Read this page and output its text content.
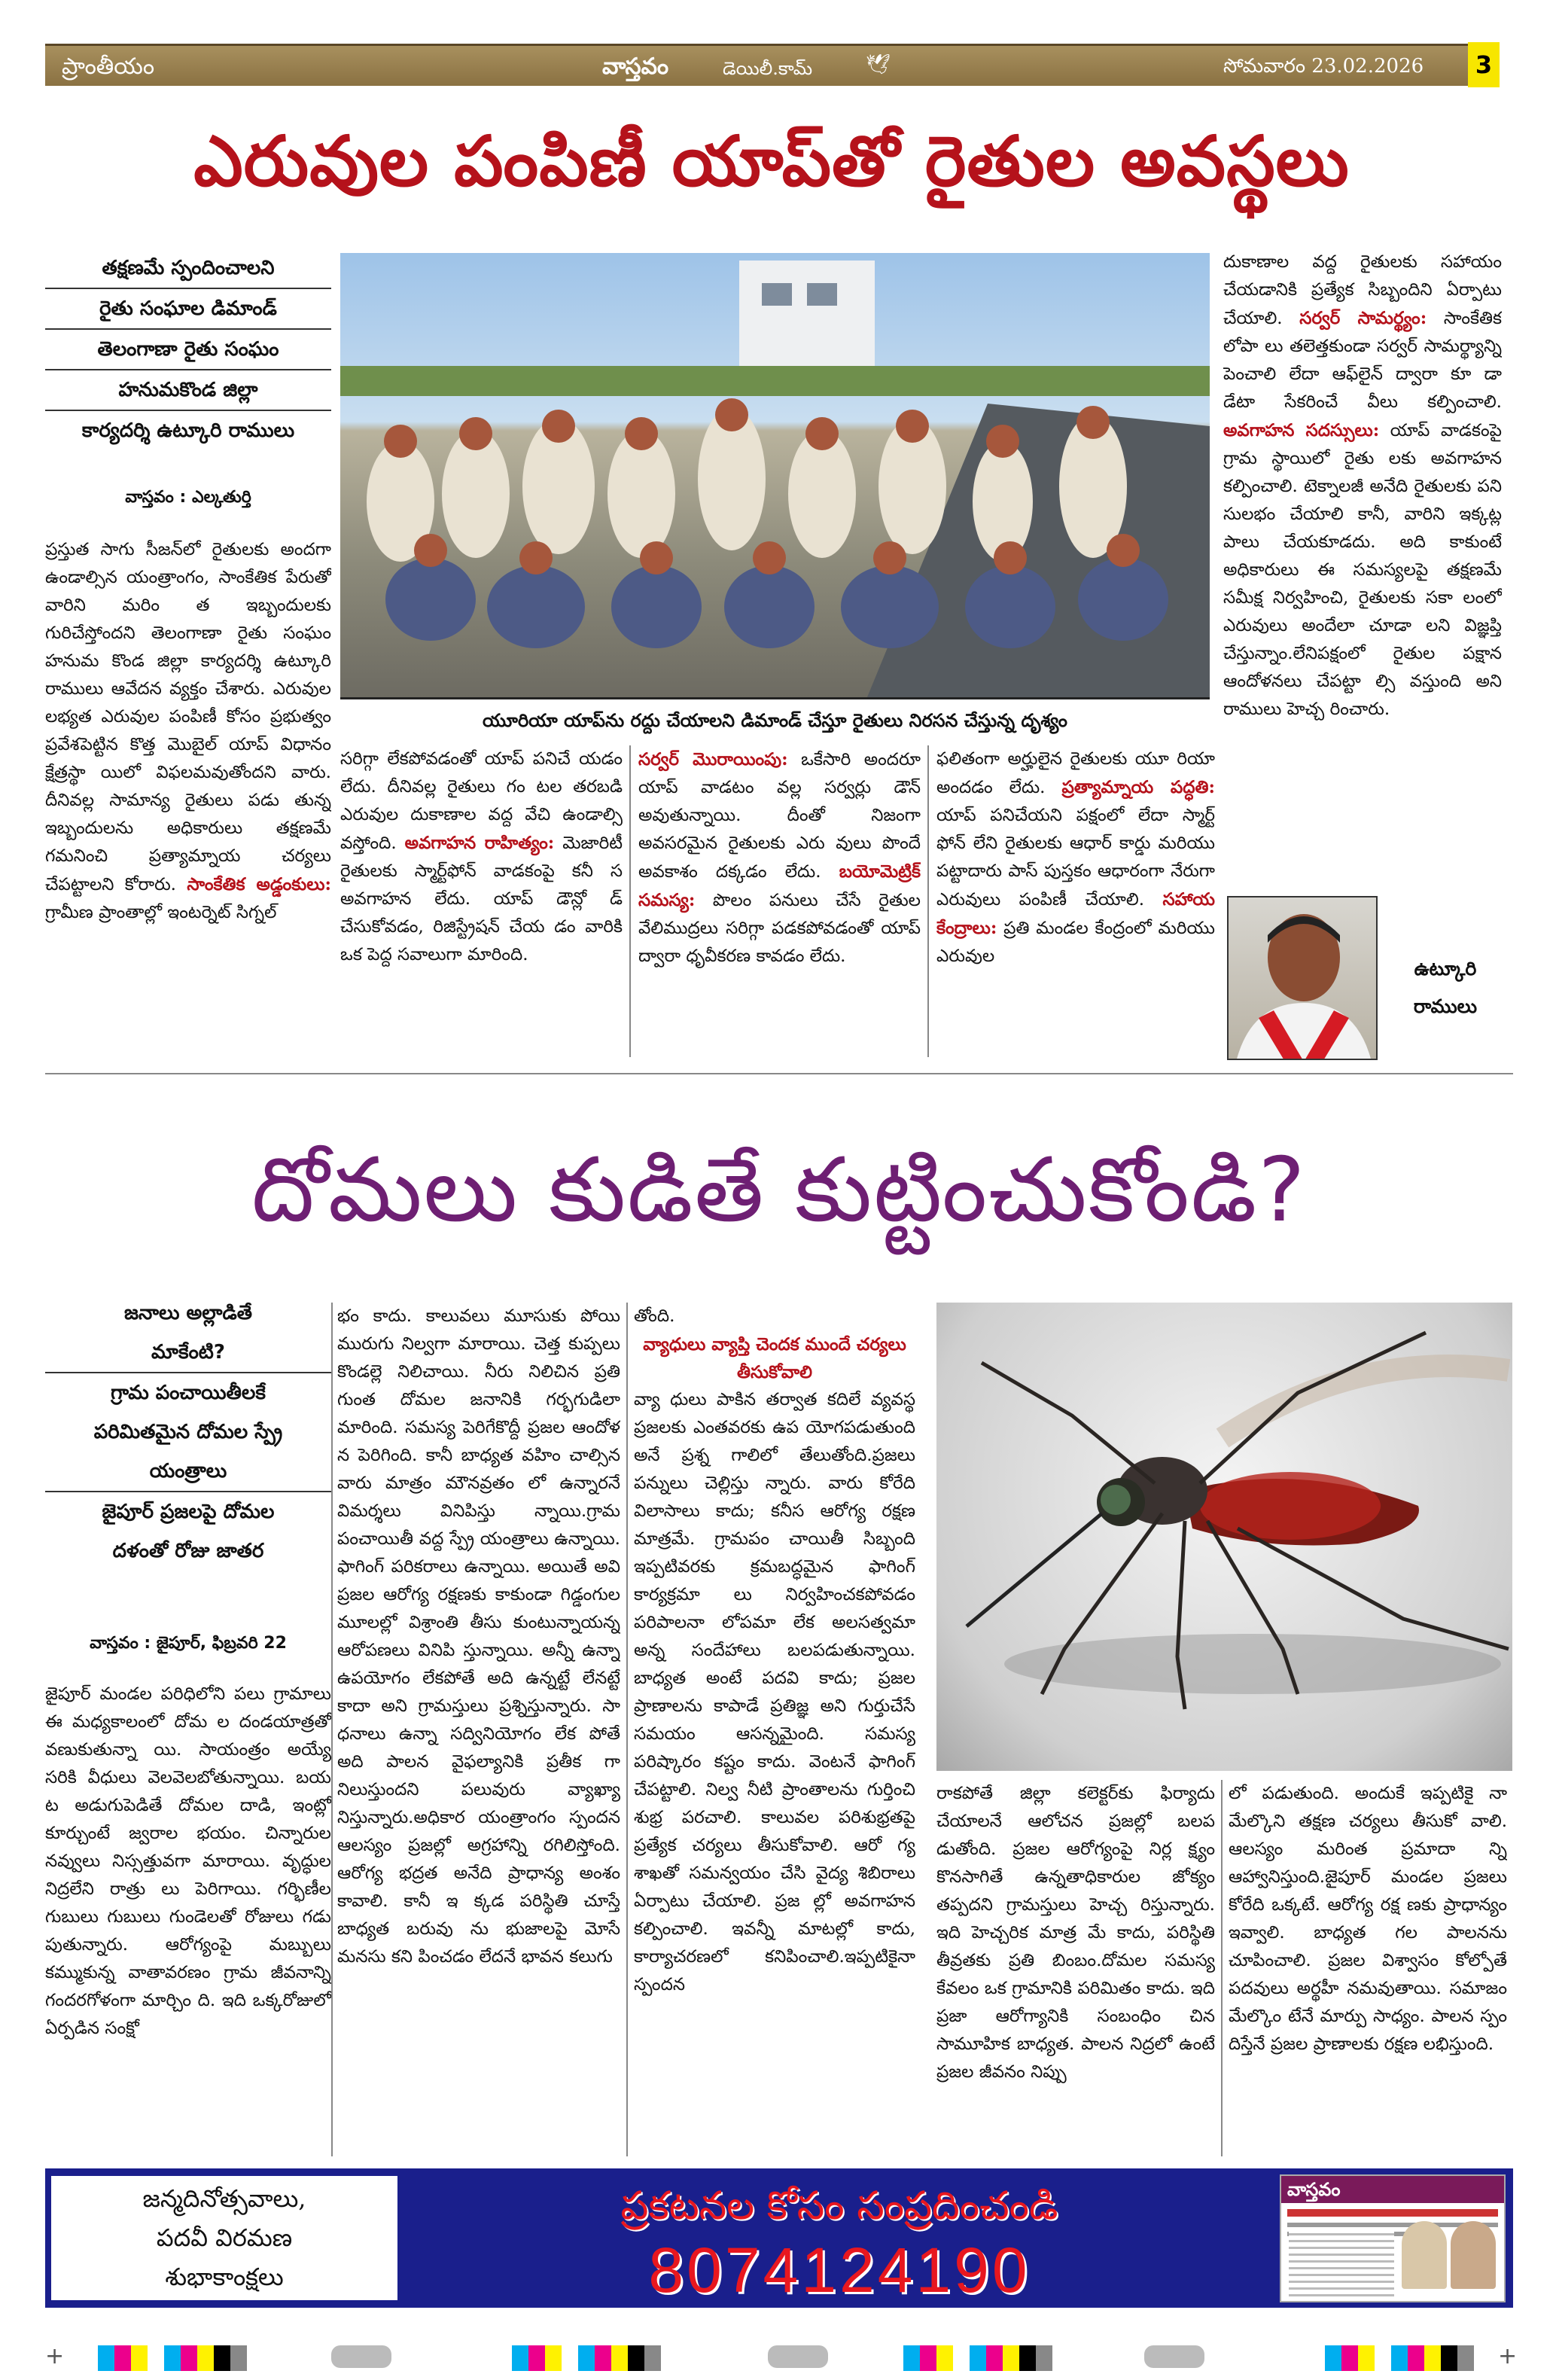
ప్రాంతీయం	వాస్తవం	డెయిలీ.కామ్	🕊	సోమవారం 23.02.2026	3
ఎరువుల పంపిణీ యాప్‌తో రైతుల అవస్థలు
తక్షణమే స్పందించాలని
రైతు సంఘాల డిమాండ్
తెలంగాణా రైతు సంఘం
హనుమకొండ జిల్లా
కార్యదర్శి ఉట్కూరి రాములు
వాస్తవం : ఎల్కతుర్తి

ప్రస్తుత సాగు సీజన్‌లో రైతులకు అందగా ఉండాల్సిన యంత్రాంగం, సాంకేతిక పేరుతో వారిని మరిం త ఇబ్బందులకు గురిచేస్తోందని తెలంగాణా రైతు సంఘం హనుమ కొండ జిల్లా కార్యదర్శి ఉట్కూరి రాములు ఆవేదన వ్యక్తం చేశారు. ఎరువుల లభ్యత ఎరువుల పంపిణీ కోసం ప్రభుత్వం ప్రవేశపెట్టిన కొత్త మొబైల్ యాప్ విధానం క్షేత్రస్థా యిలో విఫలమవుతోందని వారు. దీనివల్ల సామాన్య రైతులు పడు తున్న ఇబ్బందులను అధికారులు తక్షణమే గమనించి ప్రత్యామ్నాయ చర్యలు చేపట్టాలని కోరారు. సాంకేతిక అడ్డంకులు: గ్రామీణ ప్రాంతాల్లో ఇంటర్నెట్ సిగ్నల్

యూరియా యాప్‌ను రద్దు చేయాలని డిమాండ్ చేస్తూ రైతులు నిరసన చేస్తున్న దృశ్యం

సరిగ్గా లేకపోవడంతో యాప్ పనిచే యడం లేదు. దీనివల్ల రైతులు గం టల తరబడి ఎరువుల దుకాణాల వద్ద వేచి ఉండాల్సి వస్తోంది. అవగాహన రాహిత్యం: మెజారిటీ రైతులకు స్మార్ట్‌ఫోన్ వాడకంపై కనీ స అవగాహన లేదు. యాప్ డౌన్లో డ్ చేసుకోవడం, రిజిస్ట్రేషన్ చేయ డం వారికి ఒక పెద్ద సవాలుగా మారింది.

సర్వర్ మొరాయింపు: ఒకేసారి అందరూ యాప్ వాడటం వల్ల సర్వర్లు డౌన్ అవుతున్నాయి. దీంతో నిజంగా అవసరమైన రైతులకు ఎరు వులు పొందే అవకాశం దక్కడం లేదు. బయోమెట్రిక్ సమస్య: పొలం పనులు చేసే రైతుల వేలిముద్రలు సరిగ్గా పడకపోవడంతో యాప్ ద్వారా ధృవీకరణ కావడం లేదు.

ఫలితంగా అర్హులైన రైతులకు యూ రియా అందడం లేదు. ప్రత్యామ్నాయ పద్ధతి: యాప్ పనిచేయని పక్షంలో లేదా స్మార్ట్ ఫోన్ లేని రైతులకు ఆధార్ కార్డు మరియు పట్టాదారు పాస్ పుస్తకం ఆధారంగా నేరుగా ఎరువులు పంపిణీ చేయాలి. సహాయ కేంద్రాలు: ప్రతి మండల కేంద్రంలో మరియు ఎరువుల

దుకాణాల వద్ద రైతులకు సహాయం చేయడానికి ప్రత్యేక సిబ్బందిని ఏర్పాటు చేయాలి. సర్వర్ సామర్థ్యం: సాంకేతిక లోపా లు తలెత్తకుండా సర్వర్ సామర్థ్యాన్ని పెంచాలి లేదా ఆఫ్‌లైన్ ద్వారా కూ డా డేటా సేకరించే వీలు కల్పించాలి. అవగాహన సదస్సులు: యాప్ వాడకంపై గ్రామ స్థాయిలో రైతు లకు అవగాహన కల్పించాలి. టెక్నాలజీ అనేది రైతులకు పని సులభం చేయాలి కానీ, వారిని ఇక్కట్ల పాలు చేయకూడదు. అది కాకుంటే అధికారులు ఈ సమస్యలపై తక్షణమే సమీక్ష నిర్వహించి, రైతులకు సకా లంలో ఎరువులు అందేలా చూడా లని విజ్ఞప్తి చేస్తున్నాం.లేనిపక్షంలో రైతుల పక్షాన ఆందోళనలు చేపట్టా ల్సి వస్తుంది అని రాములు హెచ్చ రించారు.

ఉట్కూరి రాములు
దోమలు కుడితే కుట్టించుకోండి?
జనాలు అల్లాడితే
మాకేంటి?
గ్రామ పంచాయితీలకే
పరిమితమైన దోమల స్ప్రే
యంత్రాలు
జైపూర్ ప్రజలపై దోమల
దళంతో రోజు జాతర
వాస్తవం : జైపూర్, ఫిబ్రవరి 22

జైపూర్ మండల పరిధిలోని పలు గ్రామాలు ఈ మధ్యకాలంలో దోమ ల దండయాత్రతో వణుకుతున్నా యి. సాయంత్రం అయ్యే సరికి వీధులు వెలవెలబోతున్నాయి. బయ ట అడుగుపెడితే దోమల దాడి, ఇంట్లో కూర్చుంటే జ్వరాల భయం. చిన్నారుల నవ్వులు నిస్సత్తువగా మారాయి. వృద్ధుల నిద్రలేని రాత్రు లు పెరిగాయి. గర్భిణీల గుబులు గుబులు గుండెలతో రోజులు గడు పుతున్నారు. ఆరోగ్యంపై మబ్బులు కమ్ముకున్న వాతావరణం గ్రామ జీవనాన్ని గందరగోళంగా మార్చిం ది. ఇది ఒక్కరోజులో ఏర్పడిన సంక్షో

భం కాదు. కాలువలు మూసుకు పోయి మురుగు నిల్వగా మారాయి. చెత్త కుప్పలు కొండల్లె నిలిచాయి. నీరు నిలిచిన ప్రతి గుంత దోమల జనానికి గర్భగుడిలా మారింది. సమస్య పెరిగేకొద్దీ ప్రజల ఆందోళ న పెరిగింది. కానీ బాధ్యత వహిం చాల్సిన వారు మాత్రం మౌనవ్రతం లో ఉన్నారనే విమర్శలు వినిపిస్తు న్నాయి.గ్రామ పంచాయితీ వద్ద స్ప్రే యంత్రాలు ఉన్నాయి. ఫాగింగ్ పరికరాలు ఉన్నాయి. అయితే అవి ప్రజల ఆరోగ్య రక్షణకు కాకుండా గిడ్డంగుల మూలల్లో విశ్రాంతి తీసు కుంటున్నాయన్న ఆరోపణలు వినిపి స్తున్నాయి. అన్నీ ఉన్నా ఉపయోగం లేకపోతే అది ఉన్నట్టే లేనట్టే కాదా అని గ్రామస్తులు ప్రశ్నిస్తున్నారు. సా ధనాలు ఉన్నా సద్వినియోగం లేక పోతే అది పాలన వైఫల్యానికి ప్రతీక గా నిలుస్తుందని పలువురు వ్యాఖ్యా నిస్తున్నారు.అధికార యంత్రాంగం స్పందన ఆలస్యం ప్రజల్లో అగ్రహాన్ని రగిలిస్తోంది. ఆరోగ్య భద్రత అనేది ప్రాధాన్య అంశం కావాలి. కానీ ఇ క్కడ పరిస్థితి చూస్తే బాధ్యత బరువు ను భుజాలపై మోసే మనసు కని పించడం లేదనే భావన కలుగు

తోంది.

వ్యాధులు వ్యాప్తి చెందక ముందే చర్యలు తీసుకోవాలి

వ్యా ధులు పాకిన తర్వాత కదిలే వ్యవస్థ ప్రజలకు ఎంతవరకు ఉప యోగపడుతుంది అనే ప్రశ్న గాలిలో తేలుతోంది.ప్రజలు పన్నులు చెల్లిస్తు న్నారు. వారు కోరేది విలాసాలు కాదు; కనీస ఆరోగ్య రక్షణ మాత్రమే. గ్రామపం చాయితీ సిబ్బంది ఇప్పటివరకు క్రమబద్ధమైన ఫాగింగ్ కార్యక్రమా లు నిర్వహించకపోవడం పరిపాలనా లోపమా లేక అలసత్వమా అన్న సందేహాలు బలపడుతున్నాయి. బాధ్యత అంటే పదవి కాదు; ప్రజల ప్రాణాలను కాపాడే ప్రతిజ్ఞ అని గుర్తుచేసే సమయం ఆసన్నమైంది. సమస్య పరిష్కారం కష్టం కాదు. వెంటనే ఫాగింగ్ చేపట్టాలి. నిల్వ నీటి ప్రాంతాలను గుర్తించి శుభ్ర పరచాలి. కాలువల పరిశుభ్రతపై ప్రత్యేక చర్యలు తీసుకోవాలి. ఆరో గ్య శాఖతో సమన్వయం చేసి వైద్య శిబిరాలు ఏర్పాటు చేయాలి. ప్రజ ల్లో అవగాహన కల్పించాలి. ఇవన్నీ మాటల్లో కాదు, కార్యాచరణలో కనిపించాలి.ఇప్పటికైనా స్పందన

రాకపోతే జిల్లా కలెక్టర్‌కు ఫిర్యాదు చేయాలనే ఆలోచన ప్రజల్లో బలప డుతోంది. ప్రజల ఆరోగ్యంపై నిర్ల క్ష్యం కొనసాగితే ఉన్నతాధికారుల జోక్యం తప్పదని గ్రామస్తులు హెచ్చ రిస్తున్నారు. ఇది హెచ్చరిక మాత్ర మే కాదు, పరిస్థితి తీవ్రతకు ప్రతి బింబం.దోమల సమస్య కేవలం ఒక గ్రామానికి పరిమితం కాదు. ఇది ప్రజా ఆరోగ్యానికి సంబంధిం చిన సామూహిక బాధ్యత. పాలన నిద్రలో ఉంటే ప్రజల జీవనం నిప్పు

లో పడుతుంది. అందుకే ఇప్పటికై నా మేల్కొని తక్షణ చర్యలు తీసుకో వాలి. ఆలస్యం మరింత ప్రమాదా న్ని ఆహ్వానిస్తుంది.జైపూర్ మండల ప్రజలు కోరేది ఒక్కటే. ఆరోగ్య రక్ష ణకు ప్రాధాన్యం ఇవ్వాలి. బాధ్యత గల పాలనను చూపించాలి. ప్రజల విశ్వాసం కోల్పోతే పదవులు అర్థహీ నమవుతాయి. సమాజం మేల్కొం టేనే మార్పు సాధ్యం. పాలన స్పం దిస్తేనే ప్రజల ప్రాణాలకు రక్షణ లభిస్తుంది.

జన్మదినోత్సవాలు,
పదవీ విరమణ
శుభాకాంక్షలు
ప్రకటనల కోసం సంప్రదించండి
8074124190
వాస్తవం
+	+
